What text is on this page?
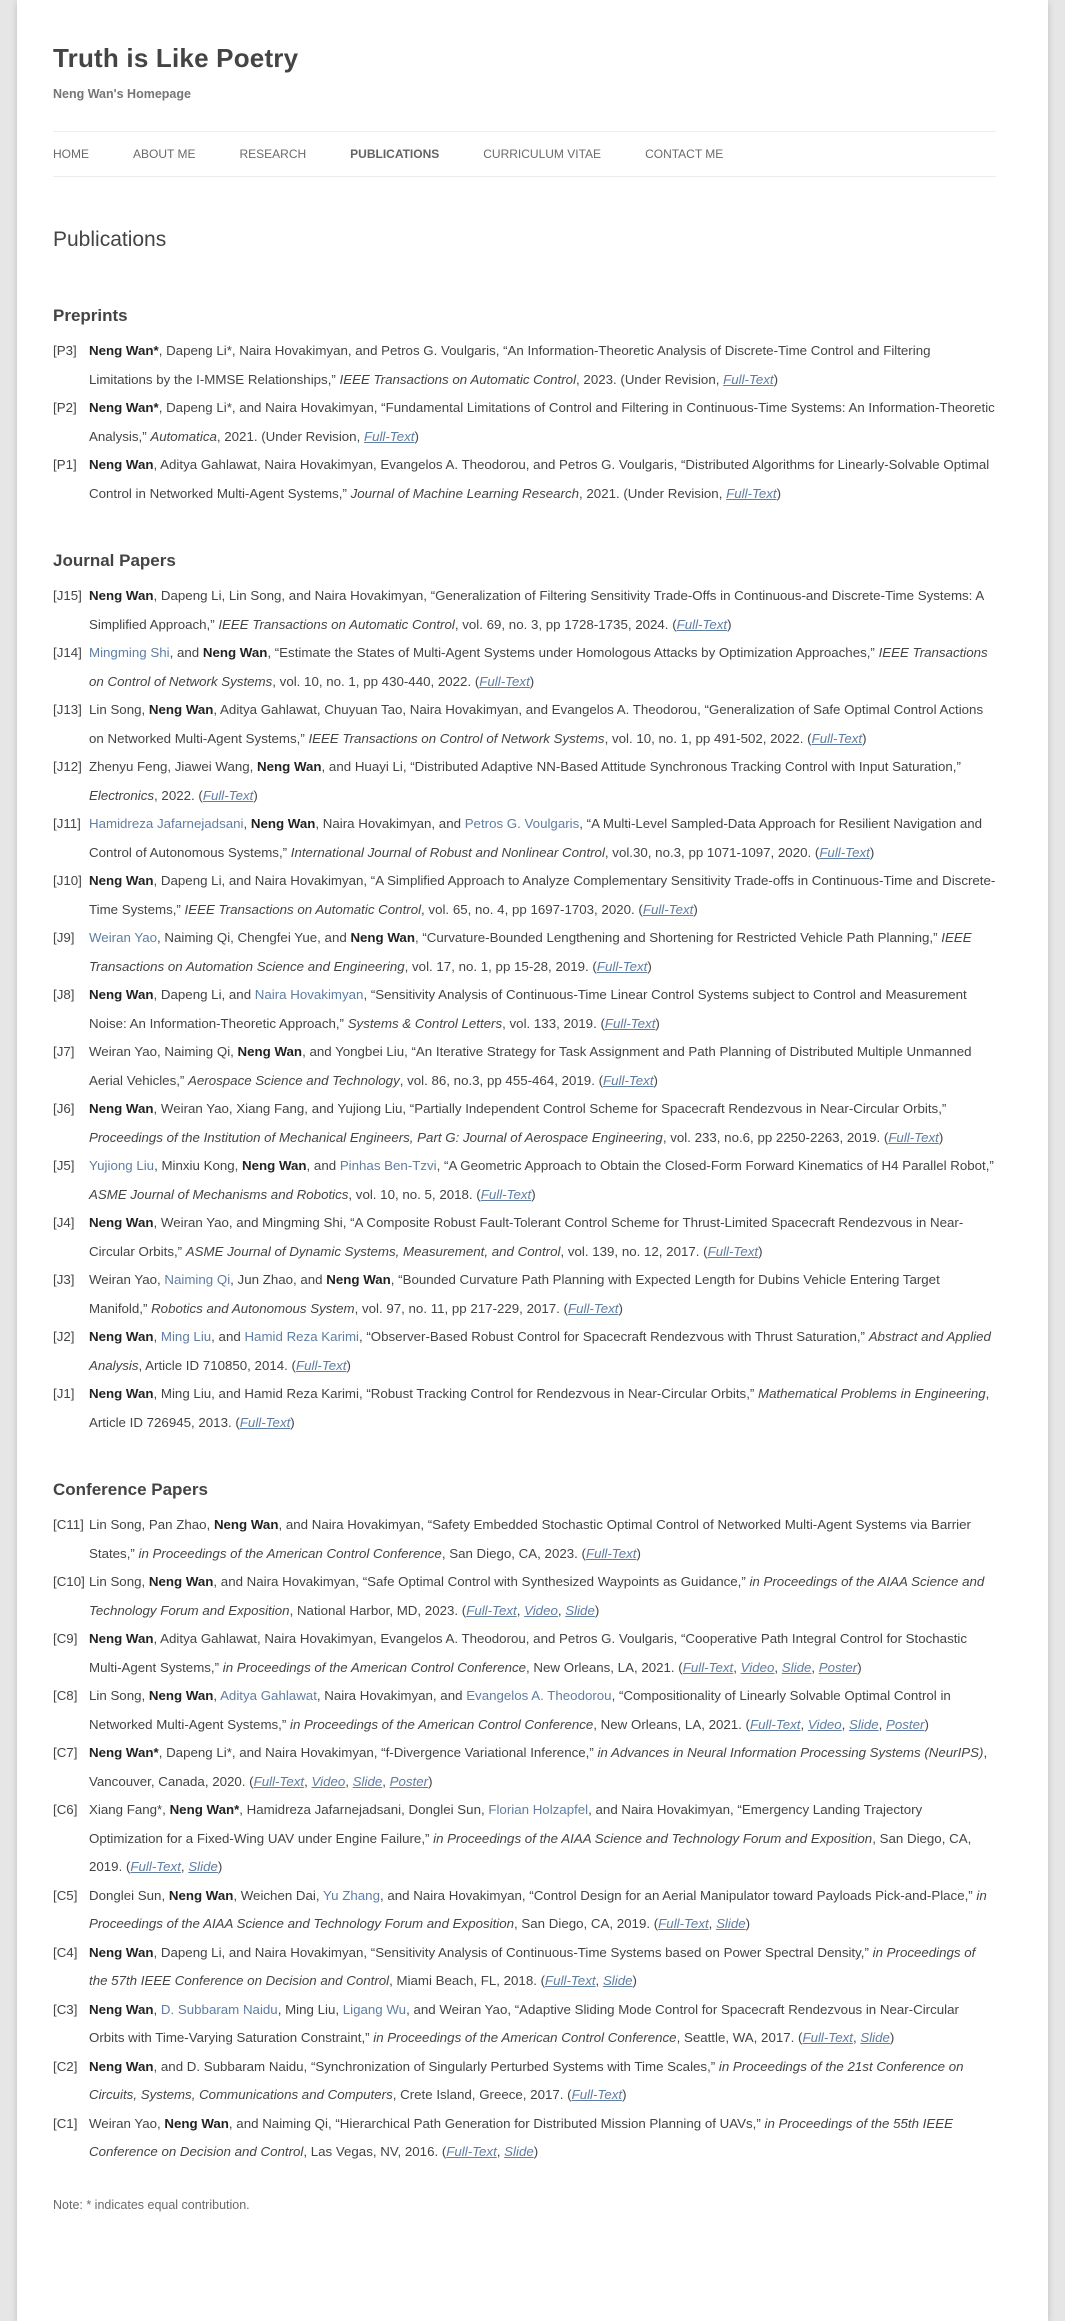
Truth is Like Poetry
Neng Wan's Homepage
HOME	ABOUT ME	RESEARCH	PUBLICATIONS	CURRICULUM VITAE	CONTACT ME
Publications
Preprints
[P3] Neng Wan*, Dapeng Li*, Naira Hovakimyan, and Petros G. Voulgaris, “An Information-Theoretic Analysis of Discrete-Time Control and Filtering Limitations by the I-MMSE Relationships,” IEEE Transactions on Automatic Control, 2023. (Under Revision, Full-Text)
[P2] Neng Wan*, Dapeng Li*, and Naira Hovakimyan, “Fundamental Limitations of Control and Filtering in Continuous-Time Systems: An Information-Theoretic Analysis,” Automatica, 2021. (Under Revision, Full-Text)
[P1] Neng Wan, Aditya Gahlawat, Naira Hovakimyan, Evangelos A. Theodorou, and Petros G. Voulgaris, “Distributed Algorithms for Linearly-Solvable Optimal Control in Networked Multi-Agent Systems,” Journal of Machine Learning Research, 2021. (Under Revision, Full-Text)
Journal Papers
[J15] Neng Wan, Dapeng Li, Lin Song, and Naira Hovakimyan, “Generalization of Filtering Sensitivity Trade-Offs in Continuous-and Discrete-Time Systems: A Simplified Approach,” IEEE Transactions on Automatic Control, vol. 69, no. 3, pp 1728-1735, 2024. (Full-Text)
[J14] Mingming Shi, and Neng Wan, “Estimate the States of Multi-Agent Systems under Homologous Attacks by Optimization Approaches,” IEEE Transactions on Control of Network Systems, vol. 10, no. 1, pp 430-440, 2022. (Full-Text)
[J13] Lin Song, Neng Wan, Aditya Gahlawat, Chuyuan Tao, Naira Hovakimyan, and Evangelos A. Theodorou, “Generalization of Safe Optimal Control Actions on Networked Multi-Agent Systems,” IEEE Transactions on Control of Network Systems, vol. 10, no. 1, pp 491-502, 2022. (Full-Text)
[J12] Zhenyu Feng, Jiawei Wang, Neng Wan, and Huayi Li, “Distributed Adaptive NN-Based Attitude Synchronous Tracking Control with Input Saturation,” Electronics, 2022. (Full-Text)
[J11] Hamidreza Jafarnejadsani, Neng Wan, Naira Hovakimyan, and Petros G. Voulgaris, “A Multi-Level Sampled-Data Approach for Resilient Navigation and Control of Autonomous Systems,” International Journal of Robust and Nonlinear Control, vol.30, no.3, pp 1071-1097, 2020. (Full-Text)
[J10] Neng Wan, Dapeng Li, and Naira Hovakimyan, “A Simplified Approach to Analyze Complementary Sensitivity Trade-offs in Continuous-Time and Discrete-Time Systems,” IEEE Transactions on Automatic Control, vol. 65, no. 4, pp 1697-1703, 2020. (Full-Text)
[J9]	Weiran Yao, Naiming Qi, Chengfei Yue, and Neng Wan, “Curvature-Bounded Lengthening and Shortening for Restricted Vehicle Path Planning,” IEEE Transactions on Automation Science and Engineering, vol. 17, no. 1, pp 15-28, 2019. (Full-Text)
[J8]	Neng Wan, Dapeng Li, and Naira Hovakimyan, “Sensitivity Analysis of Continuous-Time Linear Control Systems subject to Control and Measurement Noise: An Information-Theoretic Approach,” Systems & Control Letters, vol. 133, 2019. (Full-Text)
[J7]	Weiran Yao, Naiming Qi, Neng Wan, and Yongbei Liu, “An Iterative Strategy for Task Assignment and Path Planning of Distributed Multiple Unmanned Aerial Vehicles,” Aerospace Science and Technology, vol. 86, no.3, pp 455-464, 2019. (Full-Text)
[J6]	Neng Wan, Weiran Yao, Xiang Fang, and Yujiong Liu, “Partially Independent Control Scheme for Spacecraft Rendezvous in Near-Circular Orbits,” Proceedings of the Institution of Mechanical Engineers, Part G: Journal of Aerospace Engineering, vol. 233, no.6, pp 2250-2263, 2019. (Full-Text)
[J5]	Yujiong Liu, Minxiu Kong, Neng Wan, and Pinhas Ben-Tzvi, “A Geometric Approach to Obtain the Closed-Form Forward Kinematics of H4 Parallel Robot,” ASME Journal of Mechanisms and Robotics, vol. 10, no. 5, 2018. (Full-Text)
[J4]	Neng Wan, Weiran Yao, and Mingming Shi, “A Composite Robust Fault-Tolerant Control Scheme for Thrust-Limited Spacecraft Rendezvous in Near-Circular Orbits,” ASME Journal of Dynamic Systems, Measurement, and Control, vol. 139, no. 12, 2017. (Full-Text)
[J3]	Weiran Yao, Naiming Qi, Jun Zhao, and Neng Wan, “Bounded Curvature Path Planning with Expected Length for Dubins Vehicle Entering Target Manifold,” Robotics and Autonomous System, vol. 97, no. 11, pp 217-229, 2017. (Full-Text)
[J2]	Neng Wan, Ming Liu, and Hamid Reza Karimi, “Observer-Based Robust Control for Spacecraft Rendezvous with Thrust Saturation,” Abstract and Applied Analysis, Article ID 710850, 2014. (Full-Text)
[J1]	Neng Wan, Ming Liu, and Hamid Reza Karimi, “Robust Tracking Control for Rendezvous in Near-Circular Orbits,” Mathematical Problems in Engineering, Article ID 726945, 2013. (Full-Text)
Conference Papers
[C11] Lin Song, Pan Zhao, Neng Wan, and Naira Hovakimyan, “Safety Embedded Stochastic Optimal Control of Networked Multi-Agent Systems via Barrier States,” in Proceedings of the American Control Conference, San Diego, CA, 2023. (Full-Text)
[C10] Lin Song, Neng Wan, and Naira Hovakimyan, “Safe Optimal Control with Synthesized Waypoints as Guidance,” in Proceedings of the AIAA Science and Technology Forum and Exposition, National Harbor, MD, 2023. (Full-Text, Video, Slide)
[C9] Neng Wan, Aditya Gahlawat, Naira Hovakimyan, Evangelos A. Theodorou, and Petros G. Voulgaris, “Cooperative Path Integral Control for Stochastic Multi-Agent Systems,” in Proceedings of the American Control Conference, New Orleans, LA, 2021. (Full-Text, Video, Slide, Poster)
[C8] Lin Song, Neng Wan, Aditya Gahlawat, Naira Hovakimyan, and Evangelos A. Theodorou, “Compositionality of Linearly Solvable Optimal Control in Networked Multi-Agent Systems,” in Proceedings of the American Control Conference, New Orleans, LA, 2021. (Full-Text, Video, Slide, Poster)
[C7] Neng Wan*, Dapeng Li*, and Naira Hovakimyan, “f-Divergence Variational Inference,” in Advances in Neural Information Processing Systems (NeurIPS), Vancouver, Canada, 2020. (Full-Text, Video, Slide, Poster)
[C6] Xiang Fang*, Neng Wan*, Hamidreza Jafarnejadsani, Donglei Sun, Florian Holzapfel, and Naira Hovakimyan, “Emergency Landing Trajectory Optimization for a Fixed-Wing UAV under Engine Failure,” in Proceedings of the AIAA Science and Technology Forum and Exposition, San Diego, CA, 2019. (Full-Text, Slide)
[C5] Donglei Sun, Neng Wan, Weichen Dai, Yu Zhang, and Naira Hovakimyan, “Control Design for an Aerial Manipulator toward Payloads Pick-and-Place,” in Proceedings of the AIAA Science and Technology Forum and Exposition, San Diego, CA, 2019. (Full-Text, Slide)
[C4] Neng Wan, Dapeng Li, and Naira Hovakimyan, “Sensitivity Analysis of Continuous-Time Systems based on Power Spectral Density,” in Proceedings of the 57th IEEE Conference on Decision and Control, Miami Beach, FL, 2018. (Full-Text, Slide)
[C3] Neng Wan, D. Subbaram Naidu, Ming Liu, Ligang Wu, and Weiran Yao, “Adaptive Sliding Mode Control for Spacecraft Rendezvous in Near-Circular Orbits with Time-Varying Saturation Constraint,” in Proceedings of the American Control Conference, Seattle, WA, 2017. (Full-Text, Slide)
[C2] Neng Wan, and D. Subbaram Naidu, “Synchronization of Singularly Perturbed Systems with Time Scales,” in Proceedings of the 21st Conference on Circuits, Systems, Communications and Computers, Crete Island, Greece, 2017. (Full-Text)
[C1] Weiran Yao, Neng Wan, and Naiming Qi, “Hierarchical Path Generation for Distributed Mission Planning of UAVs,” in Proceedings of the 55th IEEE Conference on Decision and Control, Las Vegas, NV, 2016. (Full-Text, Slide)

Note: * indicates equal contribution.
